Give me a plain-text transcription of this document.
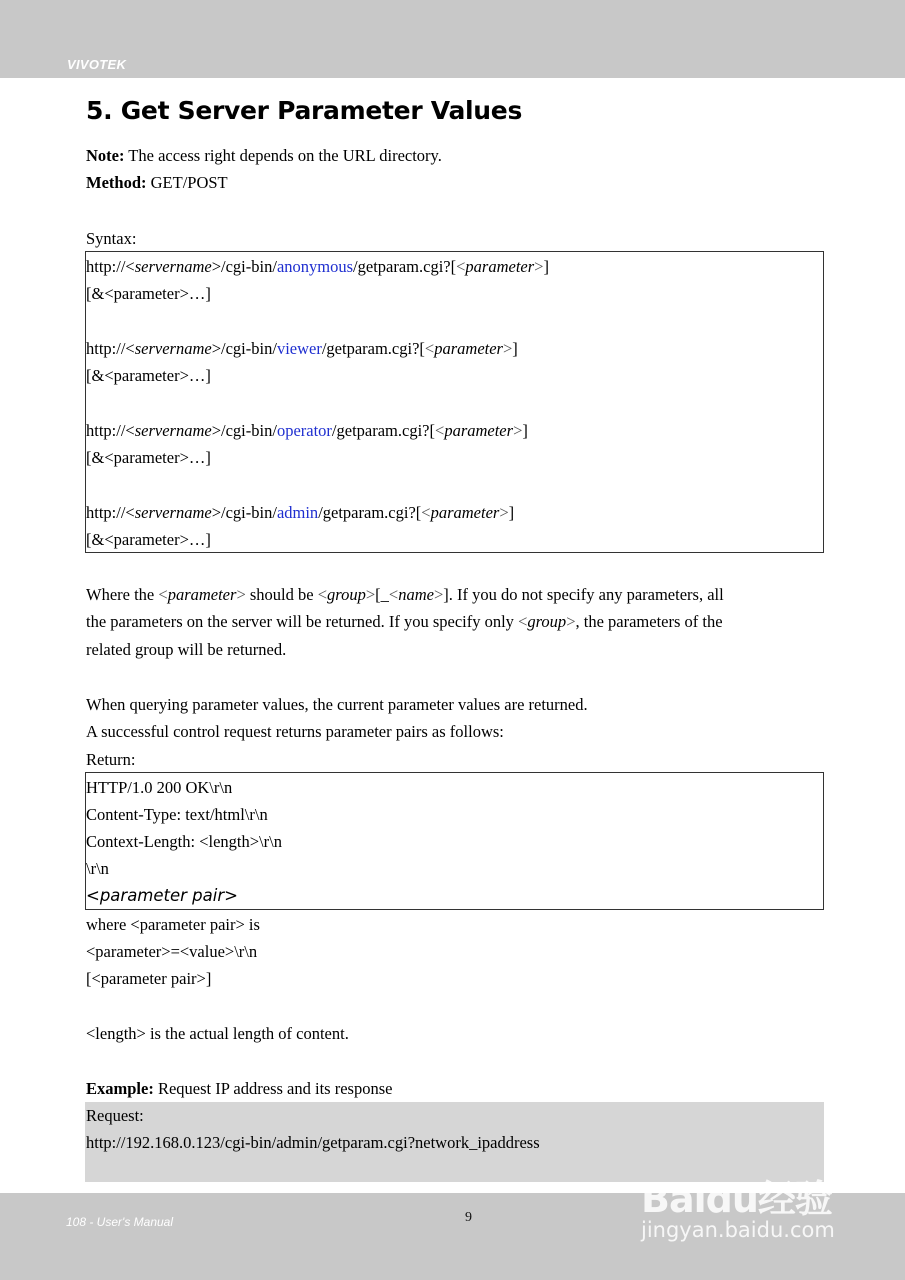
VIVOTEK
5. Get Server Parameter Values
Note: The access right depends on the URL directory.
Method: GET/POST
Syntax:
http://<servername>/cgi-bin/anonymous/getparam.cgi?[<parameter>]
[&<parameter>…]
http://<servername>/cgi-bin/viewer/getparam.cgi?[<parameter>]
[&<parameter>…]
http://<servername>/cgi-bin/operator/getparam.cgi?[<parameter>]
[&<parameter>…]
http://<servername>/cgi-bin/admin/getparam.cgi?[<parameter>]
[&<parameter>…]
Where the <parameter> should be <group>[_<name>]. If you do not specify any parameters, all
the parameters on the server will be returned. If you specify only <group>, the parameters of the
related group will be returned.
When querying parameter values, the current parameter values are returned.
A successful control request returns parameter pairs as follows:
Return:
HTTP/1.0 200 OK\r\n
Content-Type: text/html\r\n
Context-Length: <length>\r\n
\r\n
<parameter pair>
where <parameter pair> is
<parameter>=<value>\r\n
[<parameter pair>]
<length> is the actual length of content.
Example: Request IP address and its response
Request:
http://192.168.0.123/cgi-bin/admin/getparam.cgi?network_ipaddress
108 - User's Manual	9	Baidu经验
jingyan.baidu.com
